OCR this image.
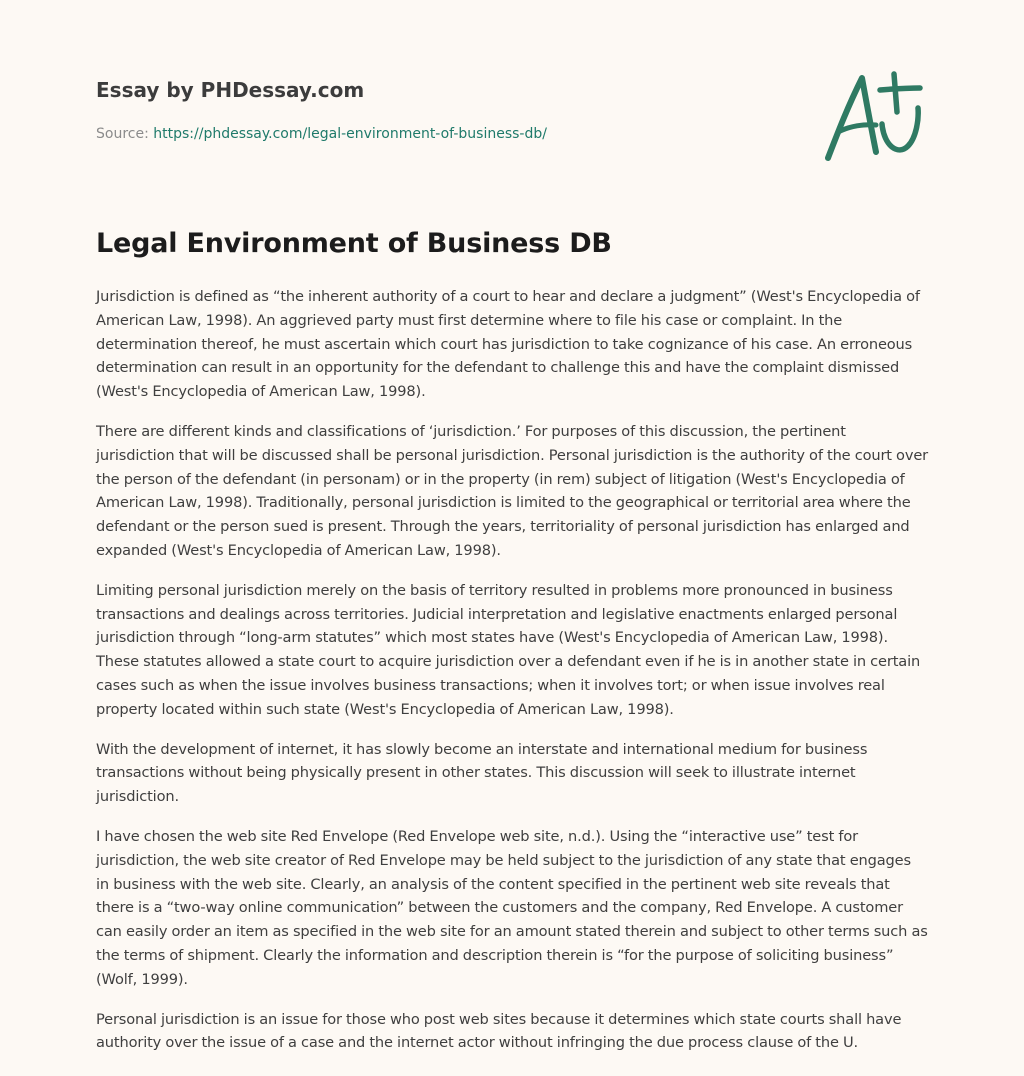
Essay by PHDessay.com
Source: https://phdessay.com/legal-environment-of-business-db/
Legal Environment of Business DB

Jurisdiction is defined as “the inherent authority of a court to hear and declare a judgment” (West's Encyclopedia of American Law, 1998). An aggrieved party must first determine where to file his case or complaint. In the determination thereof, he must ascertain which court has jurisdiction to take cognizance of his case. An erroneous determination can result in an opportunity for the defendant to challenge this and have the complaint dismissed (West's Encyclopedia of American Law, 1998).

There are different kinds and classifications of ‘jurisdiction.’ For purposes of this discussion, the pertinent jurisdiction that will be discussed shall be personal jurisdiction. Personal jurisdiction is the authority of the court over the person of the defendant (in personam) or in the property (in rem) subject of litigation (West's Encyclopedia of American Law, 1998). Traditionally, personal jurisdiction is limited to the geographical or territorial area where the defendant or the person sued is present. Through the years, territoriality of personal jurisdiction has enlarged and expanded (West's Encyclopedia of American Law, 1998).

Limiting personal jurisdiction merely on the basis of territory resulted in problems more pronounced in business transactions and dealings across territories. Judicial interpretation and legislative enactments enlarged personal jurisdiction through “long-arm statutes” which most states have (West's Encyclopedia of American Law, 1998). These statutes allowed a state court to acquire jurisdiction over a defendant even if he is in another state in certain cases such as when the issue involves business transactions; when it involves tort; or when issue involves real property located within such state (West's Encyclopedia of American Law, 1998).

With the development of internet, it has slowly become an interstate and international medium for business transactions without being physically present in other states. This discussion will seek to illustrate internet jurisdiction.

I have chosen the web site Red Envelope (Red Envelope web site, n.d.). Using the “interactive use” test for jurisdiction, the web site creator of Red Envelope may be held subject to the jurisdiction of any state that engages in business with the web site. Clearly, an analysis of the content specified in the pertinent web site reveals that there is a “two-way online communication” between the customers and the company, Red Envelope. A customer can easily order an item as specified in the web site for an amount stated therein and subject to other terms such as the terms of shipment. Clearly the information and description therein is “for the purpose of soliciting business” (Wolf, 1999).

Personal jurisdiction is an issue for those who post web sites because it determines which state courts shall have authority over the issue of a case and the internet actor without infringing the due process clause of the U.
